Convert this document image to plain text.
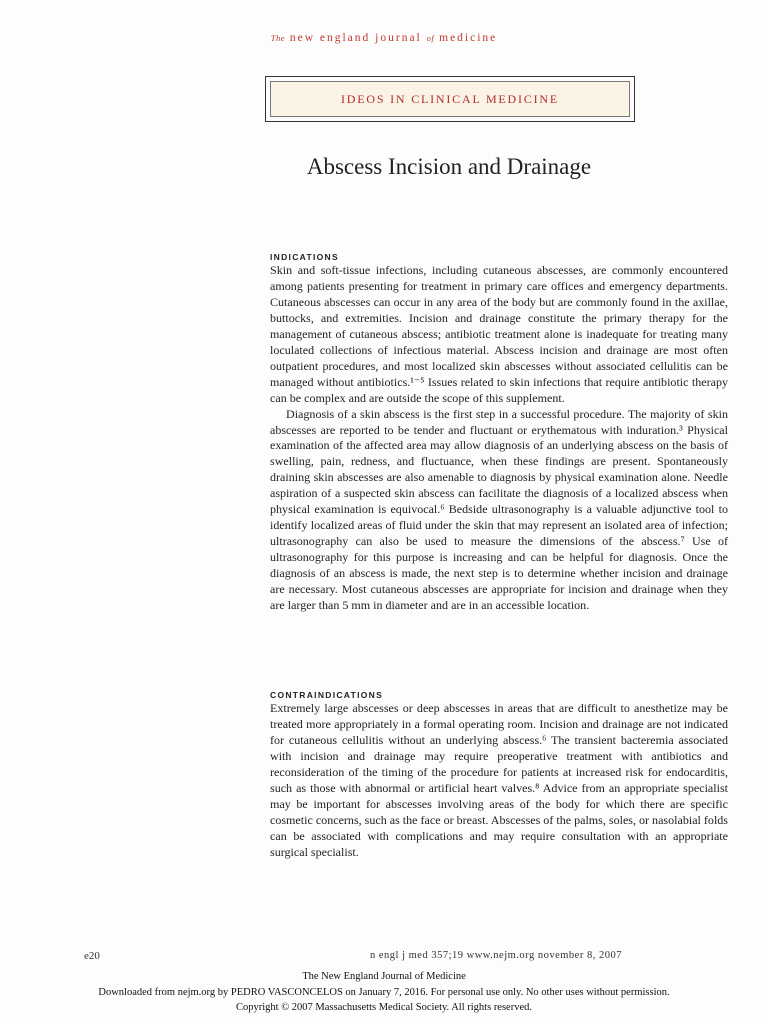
The new england journal of medicine
IDEOS IN CLINICAL MEDICINE
Abscess Incision and Drainage
INDICATIONS

Skin and soft-tissue infections, including cutaneous abscesses, are commonly encountered among patients presenting for treatment in primary care offices and emergency departments. Cutaneous abscesses can occur in any area of the body but are commonly found in the axillae, buttocks, and extremities. Incision and drainage constitute the primary therapy for the management of cutaneous abscess; antibiotic treatment alone is inadequate for treating many loculated collections of infectious material. Abscess incision and drainage are most often outpatient procedures, and most localized skin abscesses without associated cellulitis can be managed without antibiotics.¹⁻⁵ Issues related to skin infections that require antibiotic therapy can be complex and are outside the scope of this supplement.

Diagnosis of a skin abscess is the first step in a successful procedure. The majority of skin abscesses are reported to be tender and fluctuant or erythematous with induration.³ Physical examination of the affected area may allow diagnosis of an underlying abscess on the basis of swelling, pain, redness, and fluctuance, when these findings are present. Spontaneously draining skin abscesses are also amenable to diagnosis by physical examination alone. Needle aspiration of a suspected skin abscess can facilitate the diagnosis of a localized abscess when physical examination is equivocal.⁶ Bedside ultrasonography is a valuable adjunctive tool to identify localized areas of fluid under the skin that may represent an isolated area of infection; ultrasonography can also be used to measure the dimensions of the abscess.⁷ Use of ultrasonography for this purpose is increasing and can be helpful for diagnosis. Once the diagnosis of an abscess is made, the next step is to determine whether incision and drainage are necessary. Most cutaneous abscesses are appropriate for incision and drainage when they are larger than 5 mm in diameter and are in an accessible location.

CONTRAINDICATIONS

Extremely large abscesses or deep abscesses in areas that are difficult to anesthetize may be treated more appropriately in a formal operating room. Incision and drainage are not indicated for cutaneous cellulitis without an underlying abscess.⁶ The transient bacteremia associated with incision and drainage may require preoperative treatment with antibiotics and reconsideration of the timing of the procedure for patients at increased risk for endocarditis, such as those with abnormal or artificial heart valves.⁸ Advice from an appropriate specialist may be important for abscesses involving areas of the body for which there are specific cosmetic concerns, such as the face or breast. Abscesses of the palms, soles, or nasolabial folds can be associated with complications and may require consultation with an appropriate surgical specialist.

e20	n engl j med 357;19 www.nejm.org november 8, 2007
The New England Journal of Medicine
Downloaded from nejm.org by PEDRO VASCONCELOS on January 7, 2016. For personal use only. No other uses without permission.
Copyright © 2007 Massachusetts Medical Society. All rights reserved.
